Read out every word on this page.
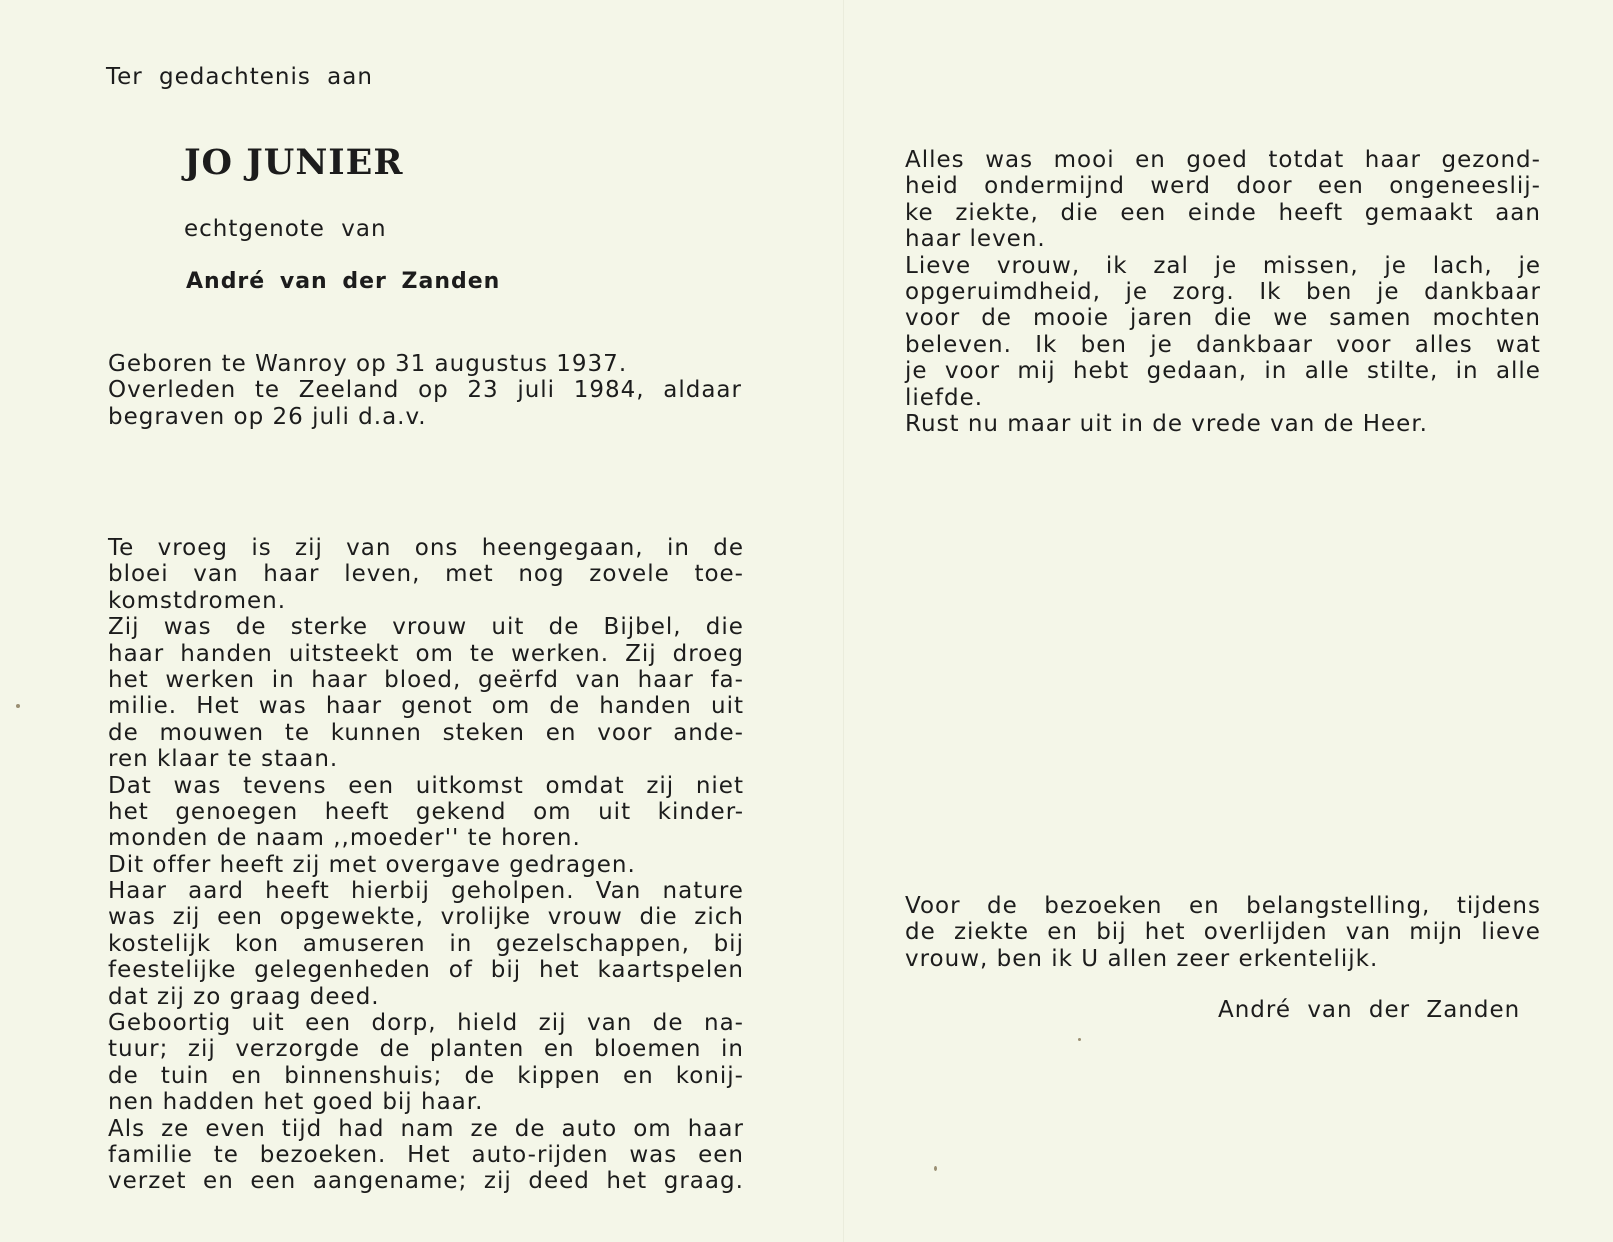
Ter gedachtenis aan
JO JUNIER
echtgenote van
André van der Zanden
Geboren te Wanroy op 31 augustus 1937.
Overleden te Zeeland op 23 juli 1984, aldaar
begraven op 26 juli d.a.v.
Te vroeg is zij van ons heengegaan, in de
bloei van haar leven, met nog zovele toe-
komstdromen.
Zij was de sterke vrouw uit de Bijbel, die
haar handen uitsteekt om te werken. Zij droeg
het werken in haar bloed, geërfd van haar fa-
milie. Het was haar genot om de handen uit
de mouwen te kunnen steken en voor ande-
ren klaar te staan.
Dat was tevens een uitkomst omdat zij niet
het genoegen heeft gekend om uit kinder-
monden de naam ,,moeder'' te horen.
Dit offer heeft zij met overgave gedragen.
Haar aard heeft hierbij geholpen. Van nature
was zij een opgewekte, vrolijke vrouw die zich
kostelijk kon amuseren in gezelschappen, bij
feestelijke gelegenheden of bij het kaartspelen
dat zij zo graag deed.
Geboortig uit een dorp, hield zij van de na-
tuur; zij verzorgde de planten en bloemen in
de tuin en binnenshuis; de kippen en konij-
nen hadden het goed bij haar.
Als ze even tijd had nam ze de auto om haar
familie te bezoeken. Het auto-rijden was een
verzet en een aangename; zij deed het graag.
Alles was mooi en goed totdat haar gezond-
heid ondermijnd werd door een ongeneeslij-
ke ziekte, die een einde heeft gemaakt aan
haar leven.
Lieve vrouw, ik zal je missen, je lach, je
opgeruimdheid, je zorg. Ik ben je dankbaar
voor de mooie jaren die we samen mochten
beleven. Ik ben je dankbaar voor alles wat
je voor mij hebt gedaan, in alle stilte, in alle
liefde.
Rust nu maar uit in de vrede van de Heer.
Voor de bezoeken en belangstelling, tijdens
de ziekte en bij het overlijden van mijn lieve
vrouw, ben ik U allen zeer erkentelijk.
André van der Zanden
